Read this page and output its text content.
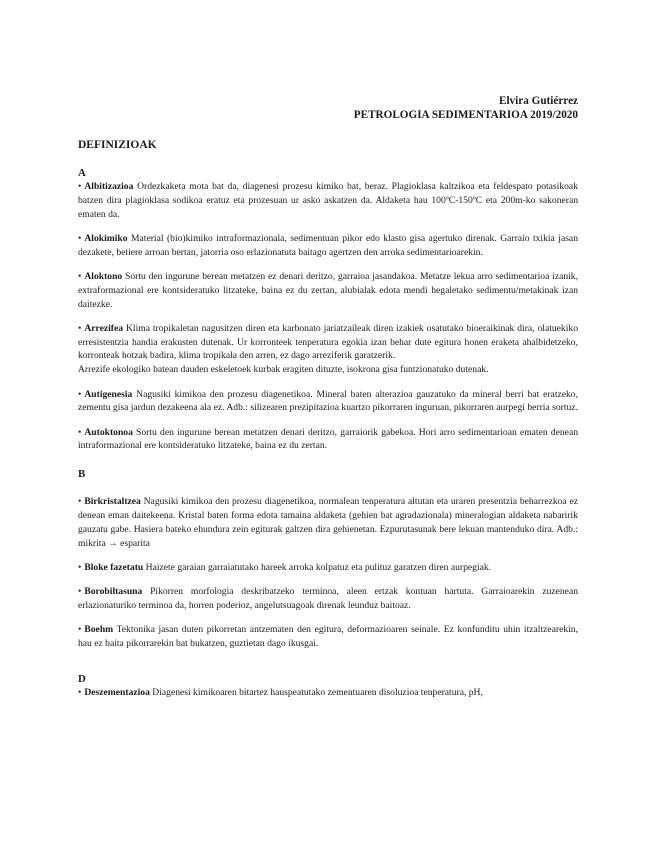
Elvira Gutiérrez
PETROLOGIA SEDIMENTARIOA 2019/2020
DEFINIZIOAK
A
• Albitizazioa Ordezkaketa mota bat da, diagenesi prozesu kimiko bat, beraz. Plagioklasa kaltzikoa eta feldespato potasikoak batzen dira plagioklasa sodikoa eratuz eta prozesuan ur asko askatzen da. Aldaketa hau 100ºC-150ºC eta 200m-ko sakoneran ematen da.
• Alokimiko Material (bio)kimiko intraformazionala, sedimentuan pikor edo klasto gisa agertuko direnak. Garraio txikia jasan dezakete, betiere arroan bertan, jatorria oso erlazionatuta baitago agertzen den arroka sedimentarioarekin.
• Aloktono Sortu den ingurune berean metatzen ez denari deritzo, garraioa jasandakoa. Metatze lekua arro sedimentarioa izanik, extraformazional ere kontsideratuko litzateke, baina ez du zertan, alubialak edota mendi hegaletako sedimentu/metakinak izan daitezke.
• Arrezifea Klima tropikaletan nagusitzen diren eta karbonato jariatzaileak diren izakiek osatutako bioeraikinak dira, olatuekiko erresistentzia handia erakusten dutenak. Ur korronteek tenperatura egokia izan behar dute egitura honen eraketa ahalbidetzeko, korronteak hotzak badira, klima tropikala den arren, ez dago arreziferik garatzerik.
Arrezife ekologiko batean dauden eskeletoek kurbak eragiten dituzte, isokrona gisa funtzionatuko dutenak.
• Autigenesia Nagusiki kimikoa den prozesu diagenetikoa. Mineral baten alterazioa gauzatuko da mineral berri bat eratzeko, zementu gisa jardun dezakeena ala ez. Adb.: silizearen prezipitazioa kuartzo pikorraren inguruan, pikorraren aurpegi berria sortuz.
• Autoktonoa Sortu den ingurune berean metatzen denari deritzo, garraiorik gabekoa. Hori arro sedimentarioan ematen denean intraformazional ere kontsideratuko litzateke, baina ez du zertan.
B
• Birkristaltzea Nagusiki kimikoa den prozesu diagenetikoa, normalean tenperatura altutan eta uraren presentzia beharrezkoa ez denean eman daitekeena. Kristal baten forma edota tamaina aldaketa (gehien bat agradazionala) mineralogian aldaketa nabaririk gauzatu gabe. Hasiera bateko ehundura zein egiturak galtzen dira gehienetan. Ezpurutasunak bere lekuan mantenduko dira. Adb.: mikrita → esparita
• Bloke fazetatu Haizete garaian garraiatutako hareek arroka kolpatuz eta pulituz garatzen diren aurpegiak.
• Borobiltasuna Pikorren morfologia deskribatzeko terminoa, aleen ertzak kontuan hartuta. Garraioarekin zuzenean erlazionaturiko terminoa da, horren poderioz, angelutsuagoak direnak leunduz baitoaz.
• Boehm Tektonika jasan duten pikorretan antzematen den egitura, deformazioaren seinale. Ez konfunditu uhin itzaltzearekin, hau ez baita pikorrarekin bat bukatzen, guztietan dago ikusgai.
D
• Deszementazioa Diagenesi kimikoaren bitartez hauspeatutako zementuaren disoluzioa tenperatura, pH,
